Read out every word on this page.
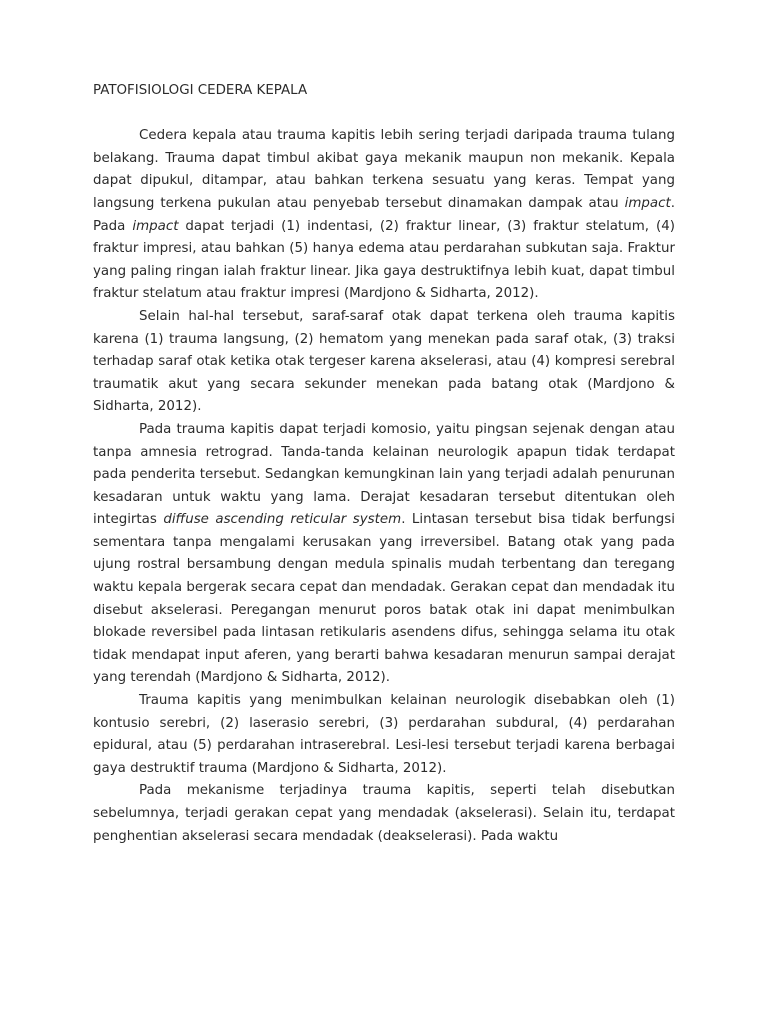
PATOFISIOLOGI CEDERA KEPALA

Cedera kepala atau trauma kapitis lebih sering terjadi daripada trauma tulang belakang. Trauma dapat timbul akibat gaya mekanik maupun non mekanik. Kepala dapat dipukul, ditampar, atau bahkan terkena sesuatu yang keras. Tempat yang langsung terkena pukulan atau penyebab tersebut dinamakan dampak atau impact. Pada impact dapat terjadi (1) indentasi, (2) fraktur linear, (3) fraktur stelatum, (4) fraktur impresi, atau bahkan (5) hanya edema atau perdarahan subkutan saja. Fraktur yang paling ringan ialah fraktur linear. Jika gaya destruktifnya lebih kuat, dapat timbul fraktur stelatum atau fraktur impresi (Mardjono & Sidharta, 2012).

Selain hal-hal tersebut, saraf-saraf otak dapat terkena oleh trauma kapitis karena (1) trauma langsung, (2) hematom yang menekan pada saraf otak, (3) traksi terhadap saraf otak ketika otak tergeser karena akselerasi, atau (4) kompresi serebral traumatik akut yang secara sekunder menekan pada batang otak (Mardjono & Sidharta, 2012).

Pada trauma kapitis dapat terjadi komosio, yaitu pingsan sejenak dengan atau tanpa amnesia retrograd. Tanda-tanda kelainan neurologik apapun tidak terdapat pada penderita tersebut. Sedangkan kemungkinan lain yang terjadi adalah penurunan kesadaran untuk waktu yang lama. Derajat kesadaran tersebut ditentukan oleh integirtas diffuse ascending reticular system. Lintasan tersebut bisa tidak berfungsi sementara tanpa mengalami kerusakan yang irreversibel. Batang otak yang pada ujung rostral bersambung dengan medula spinalis mudah terbentang dan teregang waktu kepala bergerak secara cepat dan mendadak. Gerakan cepat dan mendadak itu disebut akselerasi. Peregangan menurut poros batak otak ini dapat menimbulkan blokade reversibel pada lintasan retikularis asendens difus, sehingga selama itu otak tidak mendapat input aferen, yang berarti bahwa kesadaran menurun sampai derajat yang terendah (Mardjono & Sidharta, 2012).

Trauma kapitis yang menimbulkan kelainan neurologik disebabkan oleh (1) kontusio serebri, (2) laserasio serebri, (3) perdarahan subdural, (4) perdarahan epidural, atau (5) perdarahan intraserebral. Lesi-lesi tersebut terjadi karena berbagai gaya destruktif trauma (Mardjono & Sidharta, 2012).

Pada mekanisme terjadinya trauma kapitis, seperti telah disebutkan sebelumnya, terjadi gerakan cepat yang mendadak (akselerasi). Selain itu, terdapat penghentian akselerasi secara mendadak (deakselerasi). Pada waktu
